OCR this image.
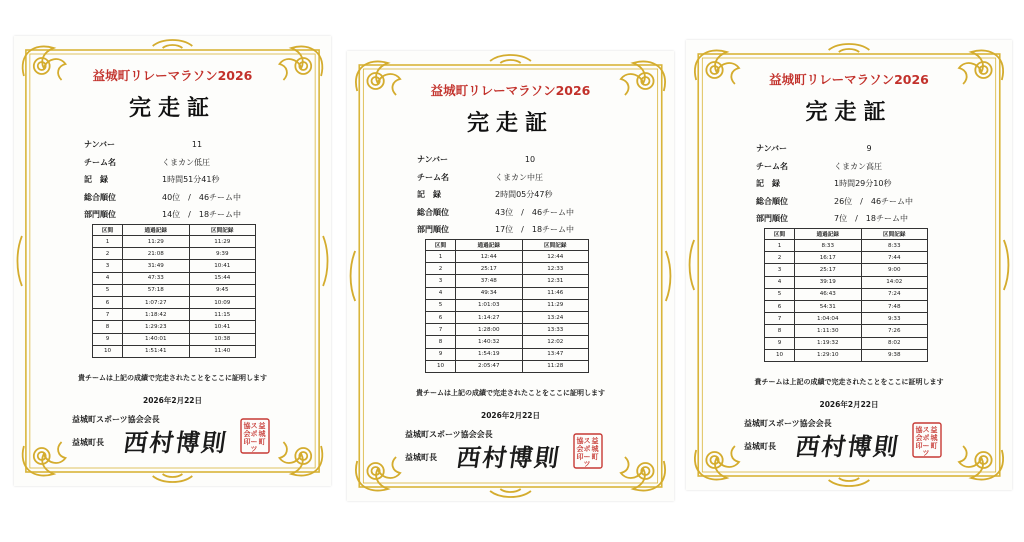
益城町リレーマラソン2026
完走証
ナンバー	11
チーム名	くまカン低圧
記　録	1時間51分41秒
総合順位	40位　/　46チーム中
部門順位	14位　/　18チーム中
区間	通過記録	区間記録
1	11:29	11:29
2	21:08	9:39
3	31:49	10:41
4	47:33	15:44
5	57:18	9:45
6	1:07:27	10:09
7	1:18:42	11:15
8	1:29:23	10:41
9	1:40:01	10:38
10	1:51:41	11:40
貴チームは上記の成績で完走されたことをここに証明します
2026年2月22日
益城町スポーツ協会会長
益城町長 西村博則
益
城
町
ス
ポ
ー
ツ
協
会
印
益城町リレーマラソン2026
完走証
ナンバー	10
チーム名	くまカン中圧
記　録	2時間05分47秒
総合順位	43位　/　46チーム中
部門順位	17位　/　18チーム中
区間	通過記録	区間記録
1	12:44	12:44
2	25:17	12:33
3	37:48	12:31
4	49:34	11:46
5	1:01:03	11:29
6	1:14:27	13:24
7	1:28:00	13:33
8	1:40:32	12:02
9	1:54:19	13:47
10	2:05:47	11:28
貴チームは上記の成績で完走されたことをここに証明します
2026年2月22日
益城町スポーツ協会会長
益城町長 西村博則
益
城
町
ス
ポ
ー
ツ
協
会
印
益城町リレーマラソン2026
完走証
ナンバー	9
チーム名	くまカン高圧
記　録	1時間29分10秒
総合順位	26位　/　46チーム中
部門順位	7位　/　18チーム中
区間	通過記録	区間記録
1	8:33	8:33
2	16:17	7:44
3	25:17	9:00
4	39:19	14:02
5	46:43	7:24
6	54:31	7:48
7	1:04:04	9:33
8	1:11:30	7:26
9	1:19:32	8:02
10	1:29:10	9:38
貴チームは上記の成績で完走されたことをここに証明します
2026年2月22日
益城町スポーツ協会会長
益城町長 西村博則
益
城
町
ス
ポ
ー
ツ
協
会
印
